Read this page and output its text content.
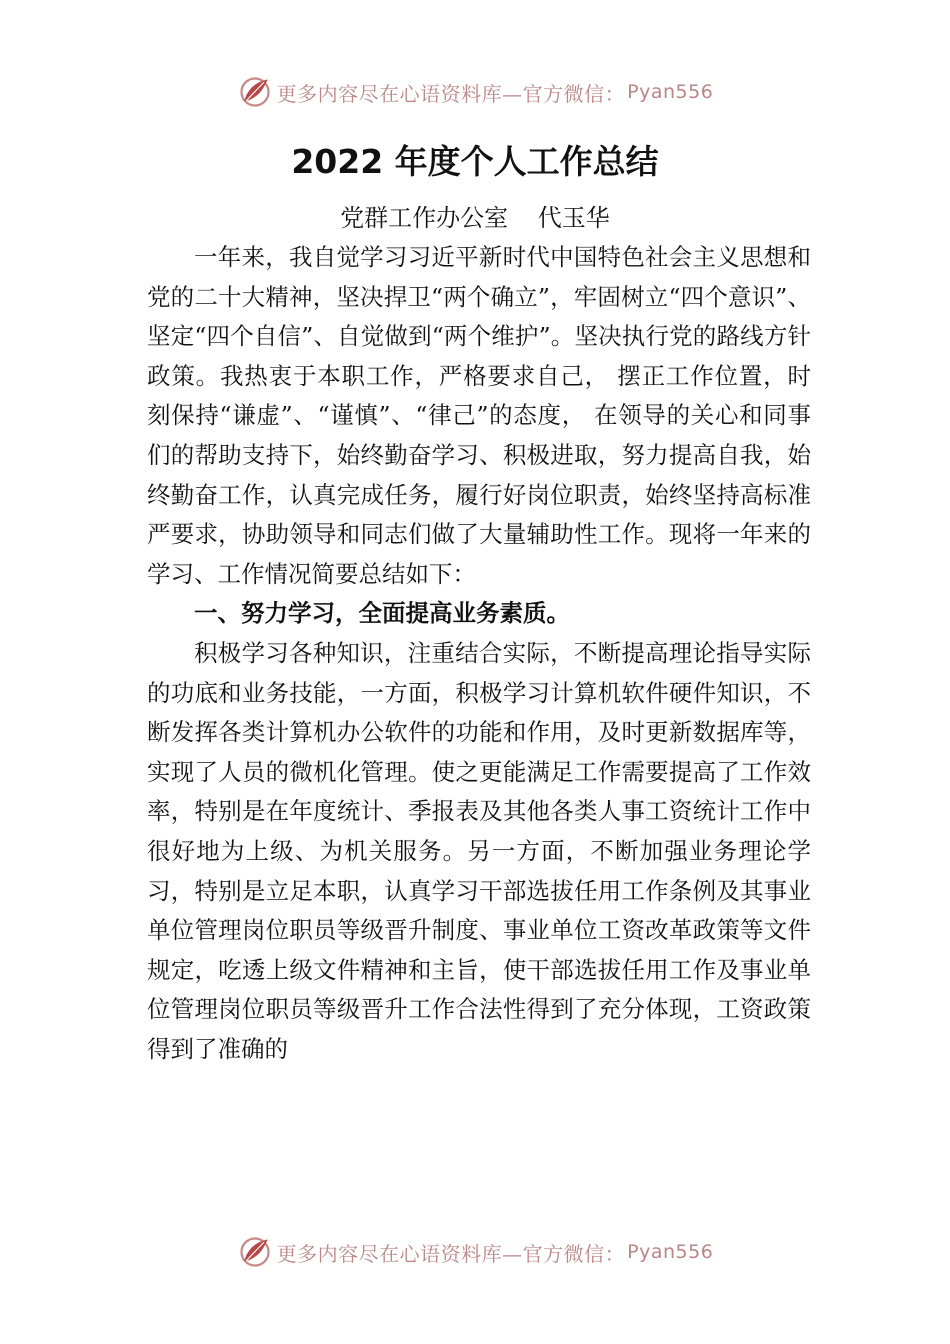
更多内容尽在心语资料库—官方微信： Pyan556
2022 年度个人工作总结
党群工作办公室 代玉华

一年来，我自觉学习习近平新时代中国特色社会主义思想和党的二十大精神，坚决捍卫“两个确立”，牢固树立“四个意识”、坚定“四个自信”、自觉做到“两个维护”。坚决执行党的路线方针政策。我热衷于本职工作，严格要求自己， 摆正工作位置，时刻保持“谦虚”、“谨慎”、“律己”的态度， 在领导的关心和同事们的帮助支持下，始终勤奋学习、积极进取，努力提高自我，始终勤奋工作，认真完成任务，履行好岗位职责，始终坚持高标准严要求，协助领导和同志们做了大量辅助性工作。现将一年来的学习、工作情况简要总结如下：

一、努力学习，全面提高业务素质。

积极学习各种知识，注重结合实际，不断提高理论指导实际的功底和业务技能，一方面，积极学习计算机软件硬件知识，不断发挥各类计算机办公软件的功能和作用，及时更新数据库等，实现了人员的微机化管理。使之更能满足工作需要提高了工作效率，特别是在年度统计、季报表及其他各类人事工资统计工作中很好地为上级、为机关服务。另一方面，不断加强业务理论学习，特别是立足本职，认真学习干部选拔任用工作条例及其事业单位管理岗位职员等级晋升制度、事业单位工资改革政策等文件规定，吃透上级文件精神和主旨，使干部选拔任用工作及事业单位管理岗位职员等级晋升工作合法性得到了充分体现，工资政策得到了准确的

更多内容尽在心语资料库—官方微信： Pyan556
